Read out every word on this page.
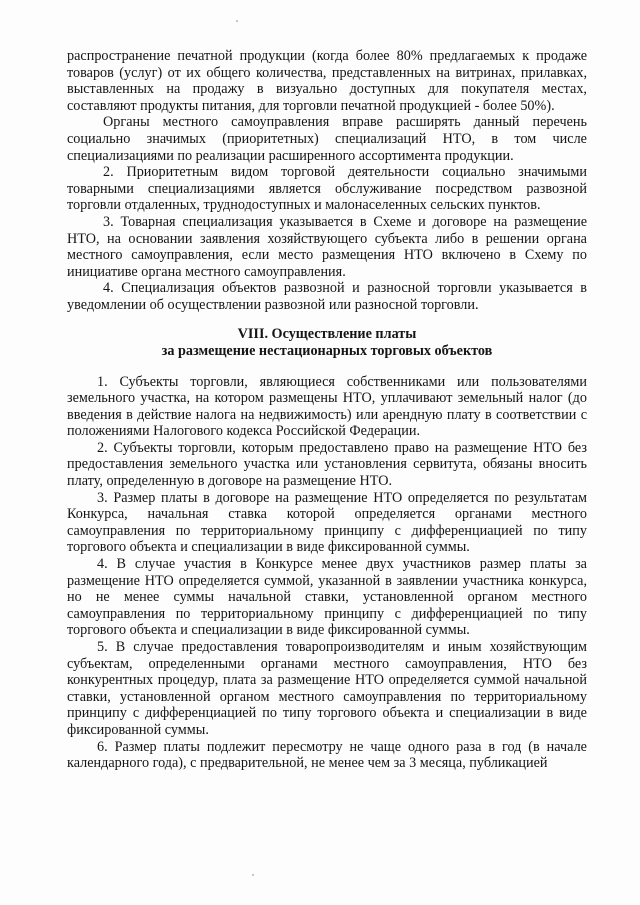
распространение печатной продукции (когда более 80% предлагаемых к продаже товаров (услуг) от их общего количества, представленных на витринах, прилавках, выставленных на продажу в визуально доступных для покупателя местах, составляют продукты питания, для торговли печатной продукцией - более 50%).

Органы местного самоуправления вправе расширять данный перечень социально значимых (приоритетных) специализаций НТО, в том числе специализациями по реализации расширенного ассортимента продукции.

2. Приоритетным видом торговой деятельности социально значимыми товарными специализациями является обслуживание посредством развозной торговли отдаленных, труднодоступных и малонаселенных сельских пунктов.

3. Товарная специализация указывается в Схеме и договоре на размещение НТО, на основании заявления хозяйствующего субъекта либо в решении органа местного самоуправления, если место размещения НТО включено в Схему по инициативе органа местного самоуправления.

4. Специализация объектов развозной и разносной торговли указывается в уведомлении об осуществлении развозной или разносной торговли.

VIII. Осуществление платы
за размещение нестационарных торговых объектов

1. Субъекты торговли, являющиеся собственниками или пользователями земельного участка, на котором размещены НТО, уплачивают земельный налог (до введения в действие налога на недвижимость) или арендную плату в соответствии с положениями Налогового кодекса Российской Федерации.

2. Субъекты торговли, которым предоставлено право на размещение НТО без предоставления земельного участка или установления сервитута, обязаны вносить плату, определенную в договоре на размещение НТО.

3. Размер платы в договоре на размещение НТО определяется по результатам Конкурса, начальная ставка которой определяется органами местного самоуправления по территориальному принципу с дифференциацией по типу торгового объекта и специализации в виде фиксированной суммы.

4. В случае участия в Конкурсе менее двух участников размер платы за размещение НТО определяется суммой, указанной в заявлении участника конкурса, но не менее суммы начальной ставки, установленной органом местного самоуправления по территориальному принципу с дифференциацией по типу торгового объекта и специализации в виде фиксированной суммы.

5. В случае предоставления товаропроизводителям и иным хозяйствующим субъектам, определенными органами местного самоуправления, НТО без конкурентных процедур, плата за размещение НТО определяется суммой начальной ставки, установленной органом местного самоуправления по территориальному принципу с дифференциацией по типу торгового объекта и специализации в виде фиксированной суммы.

6. Размер платы подлежит пересмотру не чаще одного раза в год (в начале календарного года), с предварительной, не менее чем за 3 месяца, публикацией
